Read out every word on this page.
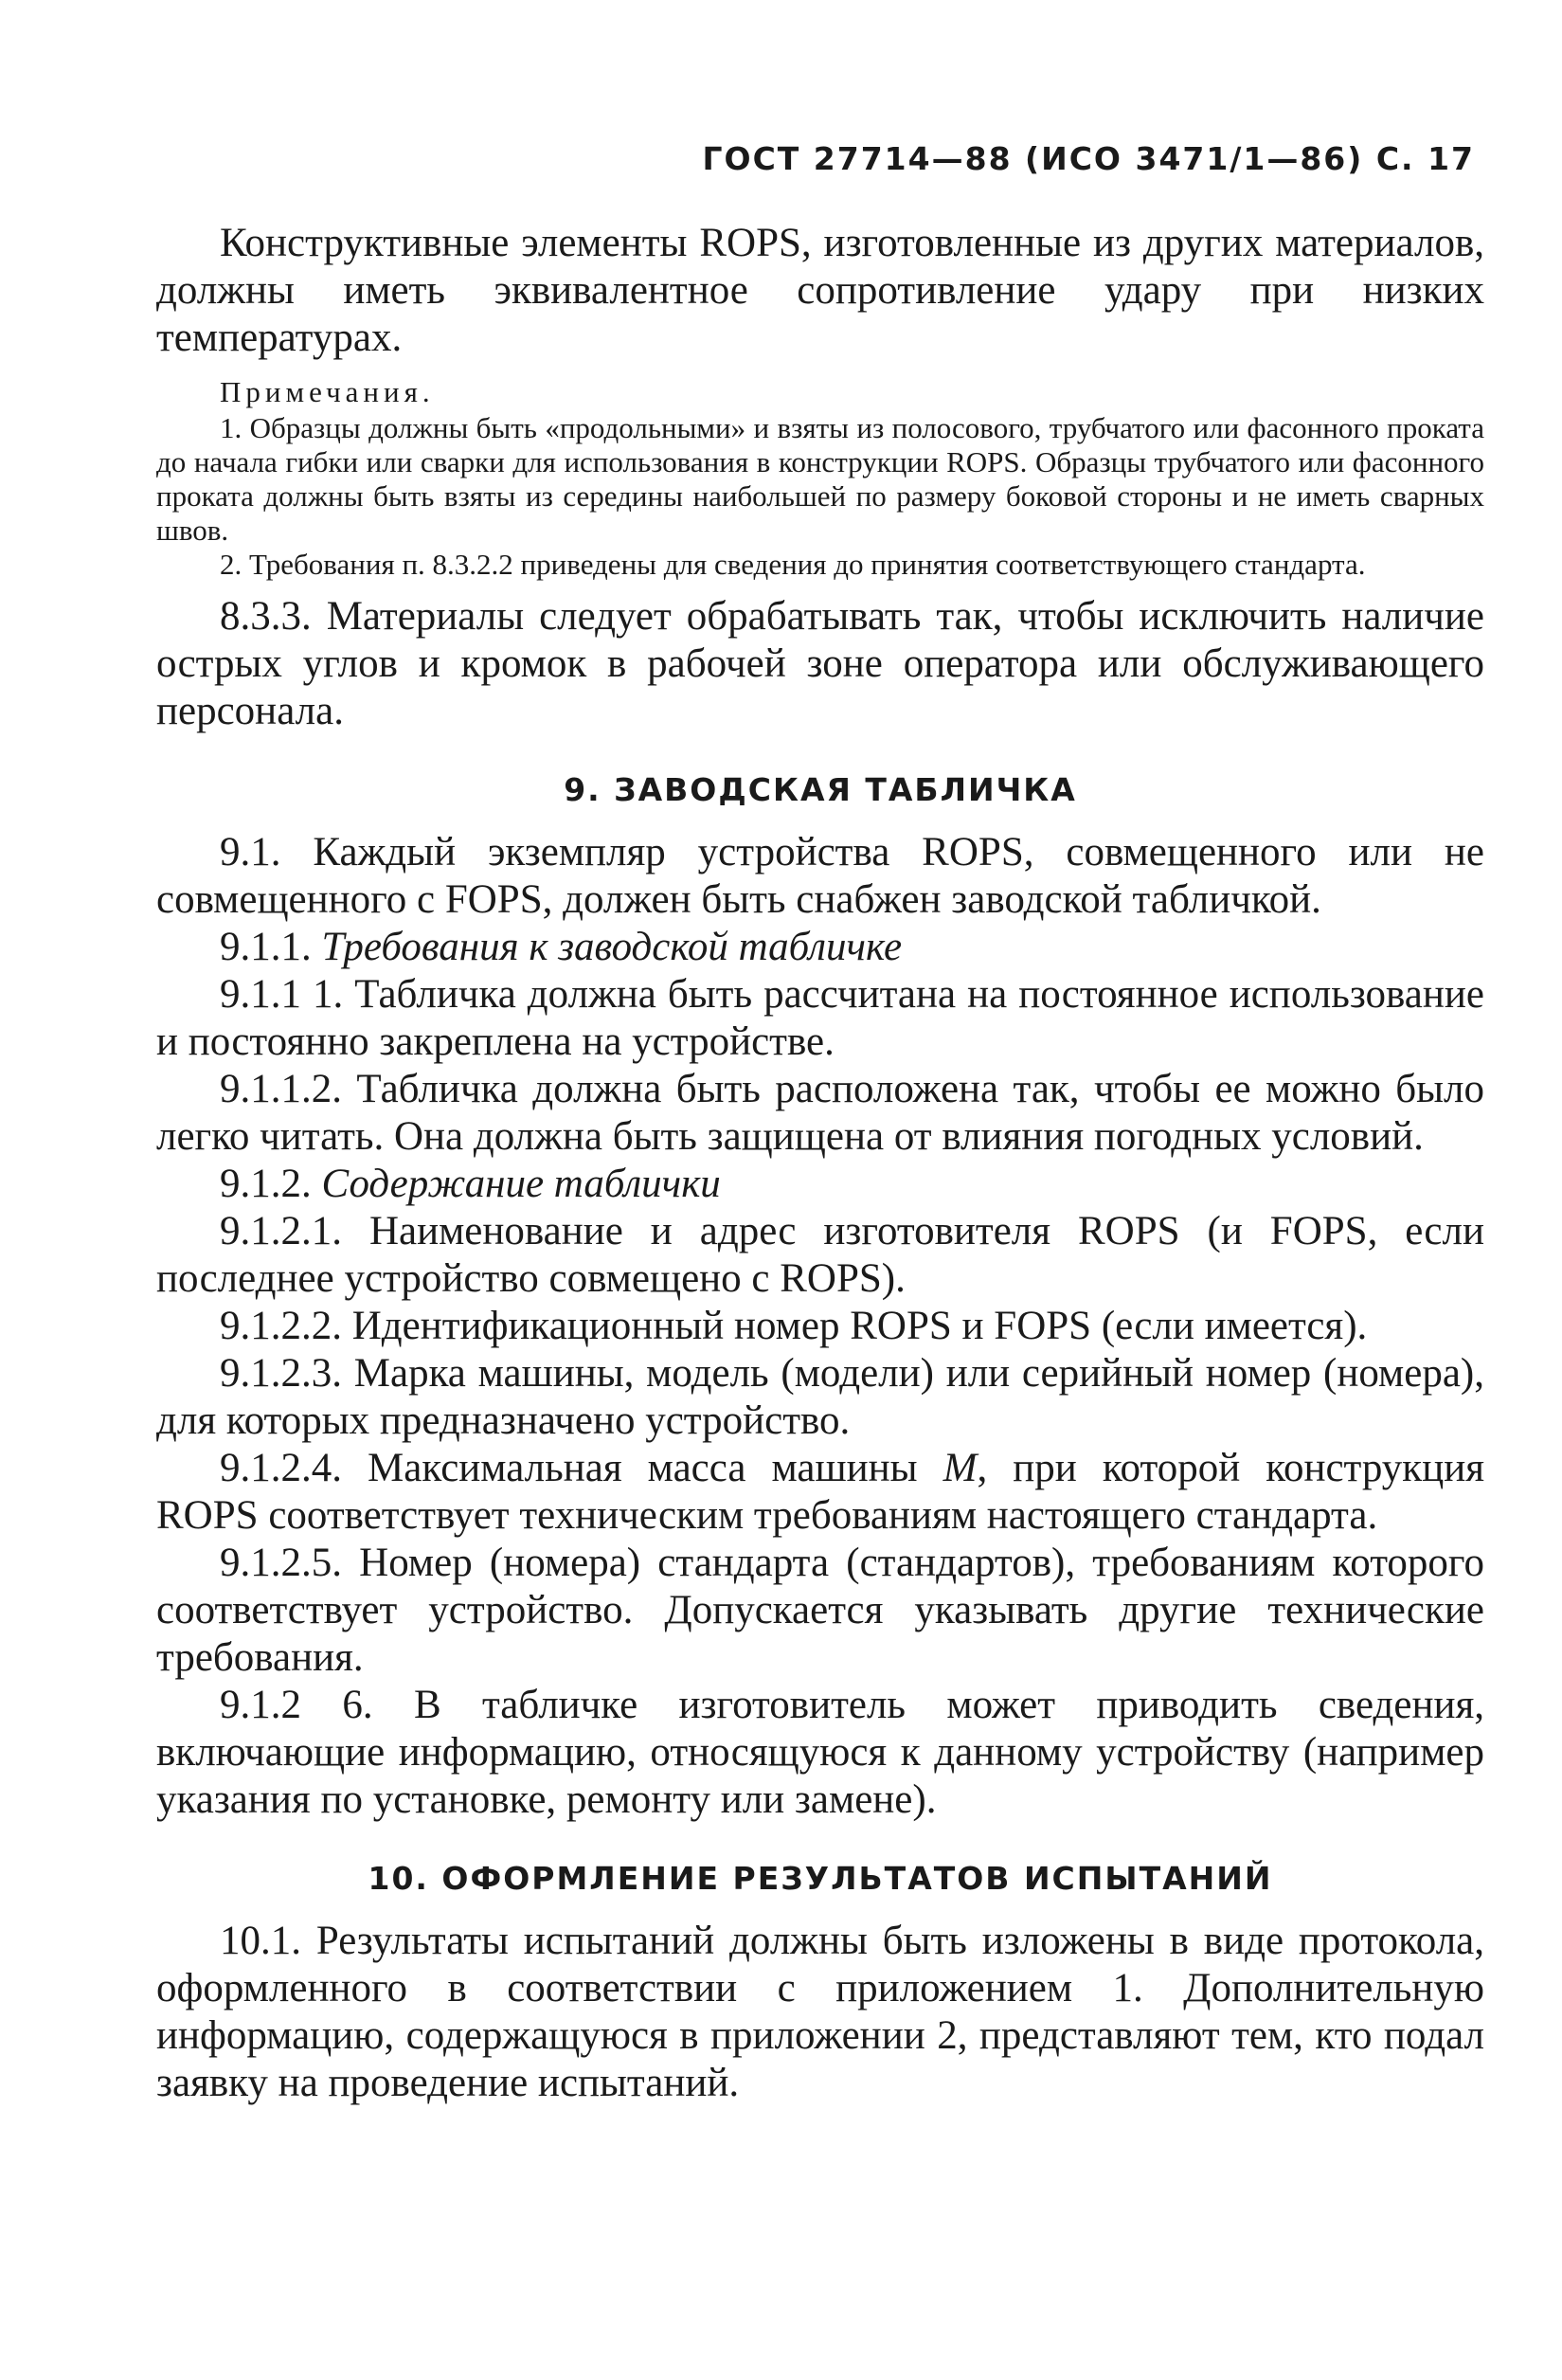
ГОСТ 27714—88 (ИСО 3471/1—86) С. 17

Конструктивные элементы ROPS, изготовленные из других материалов, должны иметь эквивалентное сопротивление удару при низких температурах.

Примечания.

1. Образцы должны быть «продольными» и взяты из полосового, трубчатого или фасонного проката до начала гибки или сварки для использования в конструкции ROPS. Образцы трубчатого или фасонного проката должны быть взяты из середины наибольшей по размеру боковой стороны и не иметь сварных швов.

2. Требования п. 8.3.2.2 приведены для сведения до принятия соответствующего стандарта.

8.3.3. Материалы следует обрабатывать так, чтобы исключить наличие острых углов и кромок в рабочей зоне оператора или обслуживающего персонала.

9. ЗАВОДСКАЯ ТАБЛИЧКА

9.1. Каждый экземпляр устройства ROPS, совмещенного или не совмещенного с FOPS, должен быть снабжен заводской табличкой.

9.1.1. Требования к заводской табличке

9.1.1 1. Табличка должна быть рассчитана на постоянное использование и постоянно закреплена на устройстве.

9.1.1.2. Табличка должна быть расположена так, чтобы ее можно было легко читать. Она должна быть защищена от влияния погодных условий.

9.1.2. Содержание таблички

9.1.2.1. Наименование и адрес изготовителя ROPS (и FOPS, если последнее устройство совмещено с ROPS).

9.1.2.2. Идентификационный номер ROPS и FOPS (если имеется).

9.1.2.3. Марка машины, модель (модели) или серийный номер (номера), для которых предназначено устройство.

9.1.2.4. Максимальная масса машины М, при которой конструкция ROPS соответствует техническим требованиям настоящего стандарта.

9.1.2.5. Номер (номера) стандарта (стандартов), требованиям которого соответствует устройство. Допускается указывать другие технические требования.

9.1.2 6. В табличке изготовитель может приводить сведения, включающие информацию, относящуюся к данному устройству (например указания по установке, ремонту или замене).

10. ОФОРМЛЕНИЕ РЕЗУЛЬТАТОВ ИСПЫТАНИЙ

10.1. Результаты испытаний должны быть изложены в виде протокола, оформленного в соответствии с приложением 1. Дополнительную информацию, содержащуюся в приложении 2, представляют тем, кто подал заявку на проведение испытаний.
